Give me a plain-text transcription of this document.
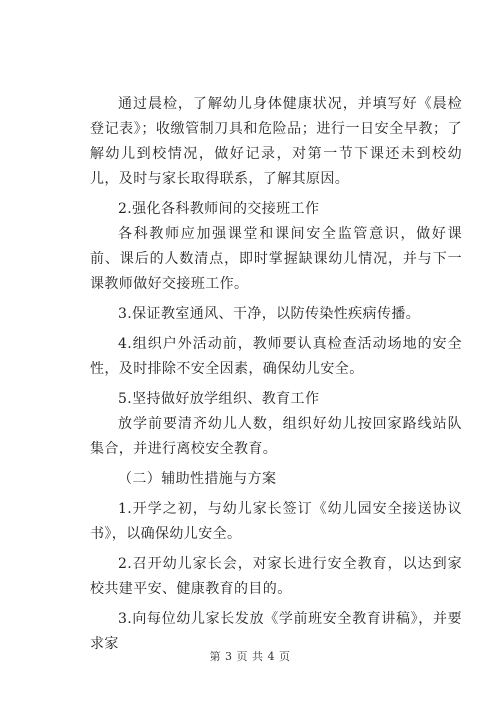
通过晨检，了解幼儿身体健康状况，并填写好《晨检登记表》；收缴管制刀具和危险品；进行一日安全早教；了解幼儿到校情况，做好记录，对第一节下课还未到校幼儿，及时与家长取得联系，了解其原因。

2.强化各科教师间的交接班工作

各科教师应加强课堂和课间安全监管意识，做好课前、课后的人数清点，即时掌握缺课幼儿情况，并与下一课教师做好交接班工作。

3.保证教室通风、干净，以防传染性疾病传播。

4.组织户外活动前，教师要认真检查活动场地的安全性，及时排除不安全因素，确保幼儿安全。

5.坚持做好放学组织、教育工作

放学前要清齐幼儿人数，组织好幼儿按回家路线站队集合，并进行离校安全教育。

（二）辅助性措施与方案

1.开学之初，与幼儿家长签订《幼儿园安全接送协议书》，以确保幼儿安全。

2.召开幼儿家长会，对家长进行安全教育，以达到家校共建平安、健康教育的目的。

3.向每位幼儿家长发放《学前班安全教育讲稿》，并要求家

第 3 页 共 4 页
